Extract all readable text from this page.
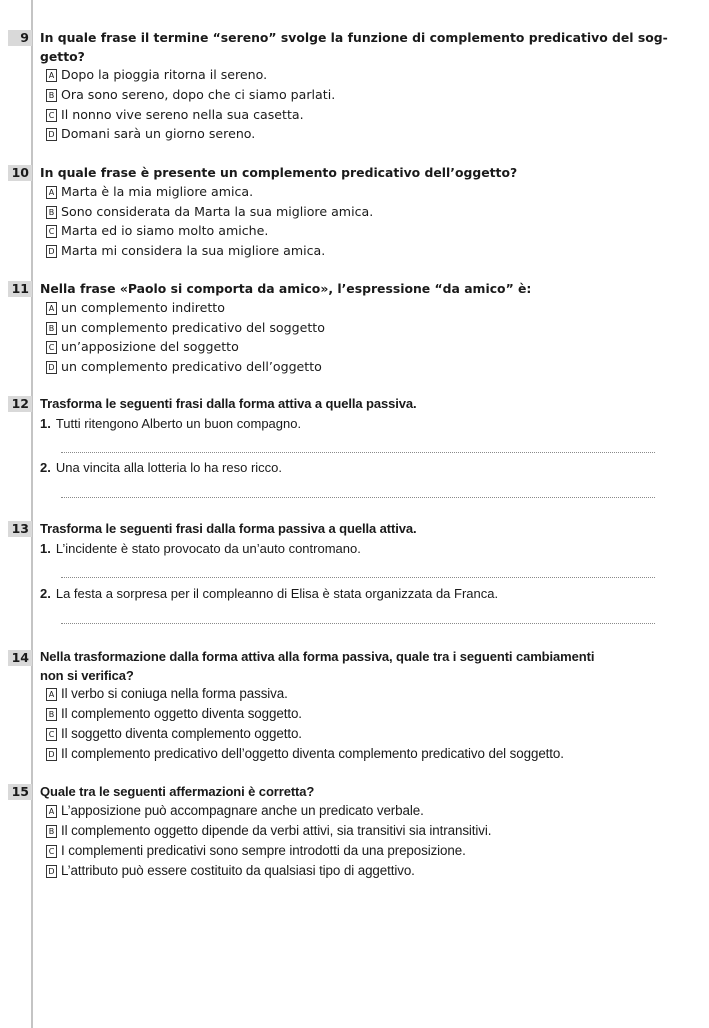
9 In quale frase il termine “sereno” svolge la funzione di complemento predicativo del sog-
getto?
A Dopo la pioggia ritorna il sereno.
B Ora sono sereno, dopo che ci siamo parlati.
C Il nonno vive sereno nella sua casetta.
D Domani sarà un giorno sereno.
10 In quale frase è presente un complemento predicativo dell’oggetto?
A Marta è la mia migliore amica.
B Sono considerata da Marta la sua migliore amica.
C Marta ed io siamo molto amiche.
D Marta mi considera la sua migliore amica.
11 Nella frase «Paolo si comporta da amico», l’espressione “da amico” è:
A un complemento indiretto
B un complemento predicativo del soggetto
C un’apposizione del soggetto
D un complemento predicativo dell’oggetto
12 Trasforma le seguenti frasi dalla forma attiva a quella passiva.
1. Tutti ritengono Alberto un buon compagno.
2. Una vincita alla lotteria lo ha reso ricco.
13 Trasforma le seguenti frasi dalla forma passiva a quella attiva.
1. L’incidente è stato provocato da un’auto contromano.
2. La festa a sorpresa per il compleanno di Elisa è stata organizzata da Franca.
14 Nella trasformazione dalla forma attiva alla forma passiva, quale tra i seguenti cambiamenti
non si verifica?
A Il verbo si coniuga nella forma passiva.
B Il complemento oggetto diventa soggetto.
C Il soggetto diventa complemento oggetto.
D Il complemento predicativo dell’oggetto diventa complemento predicativo del soggetto.
15 Quale tra le seguenti affermazioni è corretta?
A L’apposizione può accompagnare anche un predicato verbale.
B Il complemento oggetto dipende da verbi attivi, sia transitivi sia intransitivi.
C I complementi predicativi sono sempre introdotti da una preposizione.
D L’attributo può essere costituito da qualsiasi tipo di aggettivo.
